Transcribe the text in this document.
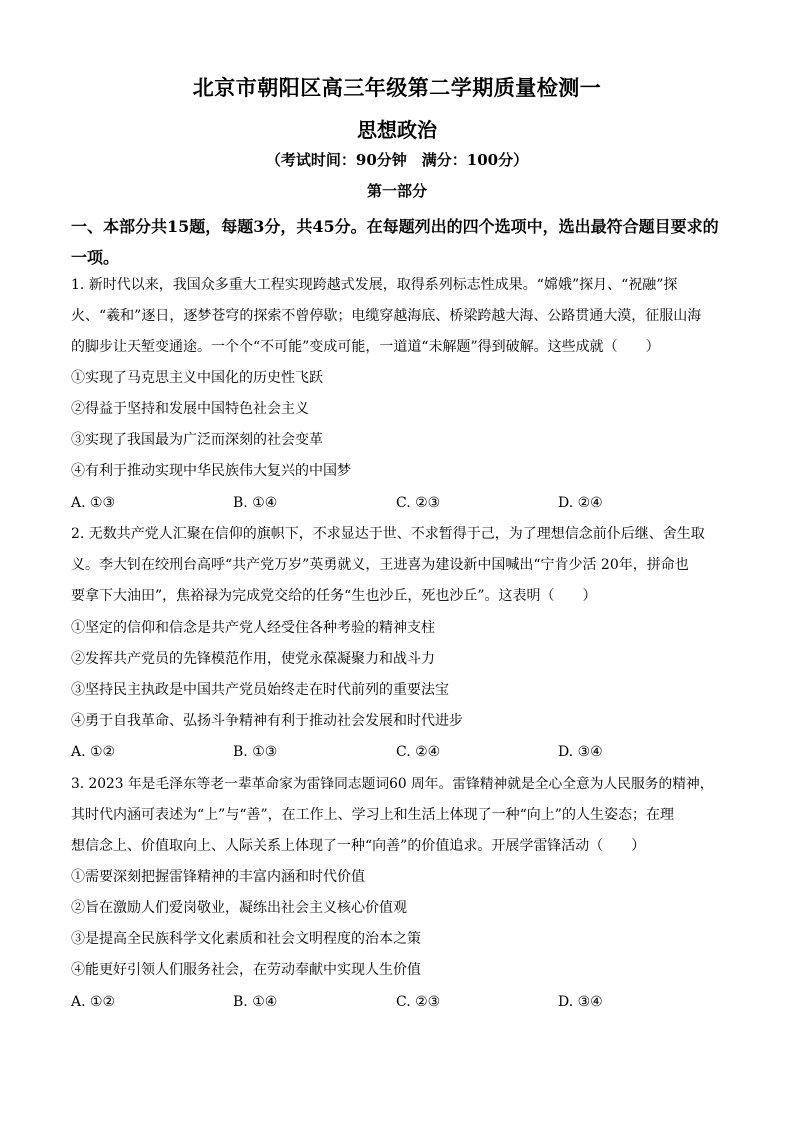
北京市朝阳区高三年级第二学期质量检测一
思想政治
（考试时间：90分钟　满分：100分）
第一部分
一、本部分共15题，每题3分，共45分。在每题列出的四个选项中，选出最符合题目要求的一项。
1. 新时代以来，我国众多重大工程实现跨越式发展，取得系列标志性成果。“嫦娥”探月、“祝融”探
火、“羲和”逐日，逐梦苍穹的探索不曾停歇；电缆穿越海底、桥梁跨越大海、公路贯通大漠，征服山海
的脚步让天堑变通途。一个个“不可能”变成可能，一道道“未解题”得到破解。这些成就（　　）
①实现了马克思主义中国化的历史性飞跃
②得益于坚持和发展中国特色社会主义
③实现了我国最为广泛而深刻的社会变革
④有利于推动实现中华民族伟大复兴的中国梦
A. ①③	B. ①④	C. ②③	D. ②④
2. 无数共产党人汇聚在信仰的旗帜下，不求显达于世、不求暂得于己，为了理想信念前仆后继、舍生取
义。李大钊在绞刑台高呼“共产党万岁”英勇就义，王进喜为建设新中国喊出“宁肯少活 20年，拼命也
要拿下大油田”，焦裕禄为完成党交给的任务“生也沙丘，死也沙丘”。这表明（　　）
①坚定的信仰和信念是共产党人经受住各种考验的精神支柱
②发挥共产党员的先锋模范作用，使党永葆凝聚力和战斗力
③坚持民主执政是中国共产党员始终走在时代前列的重要法宝
④勇于自我革命、弘扬斗争精神有利于推动社会发展和时代进步
A. ①②	B. ①③	C. ②④	D. ③④
3. 2023 年是毛泽东等老一辈革命家为雷锋同志题词60 周年。雷锋精神就是全心全意为人民服务的精神，
其时代内涵可表述为“上”与“善”，在工作上、学习上和生活上体现了一种“向上”的人生姿态；在理
想信念上、价值取向上、人际关系上体现了一种“向善”的价值追求。开展学雷锋活动（　　）
①需要深刻把握雷锋精神的丰富内涵和时代价值
②旨在激励人们爱岗敬业，凝练出社会主义核心价值观
③是提高全民族科学文化素质和社会文明程度的治本之策
④能更好引领人们服务社会，在劳动奉献中实现人生价值
A. ①②	B. ①④	C. ②③	D. ③④
